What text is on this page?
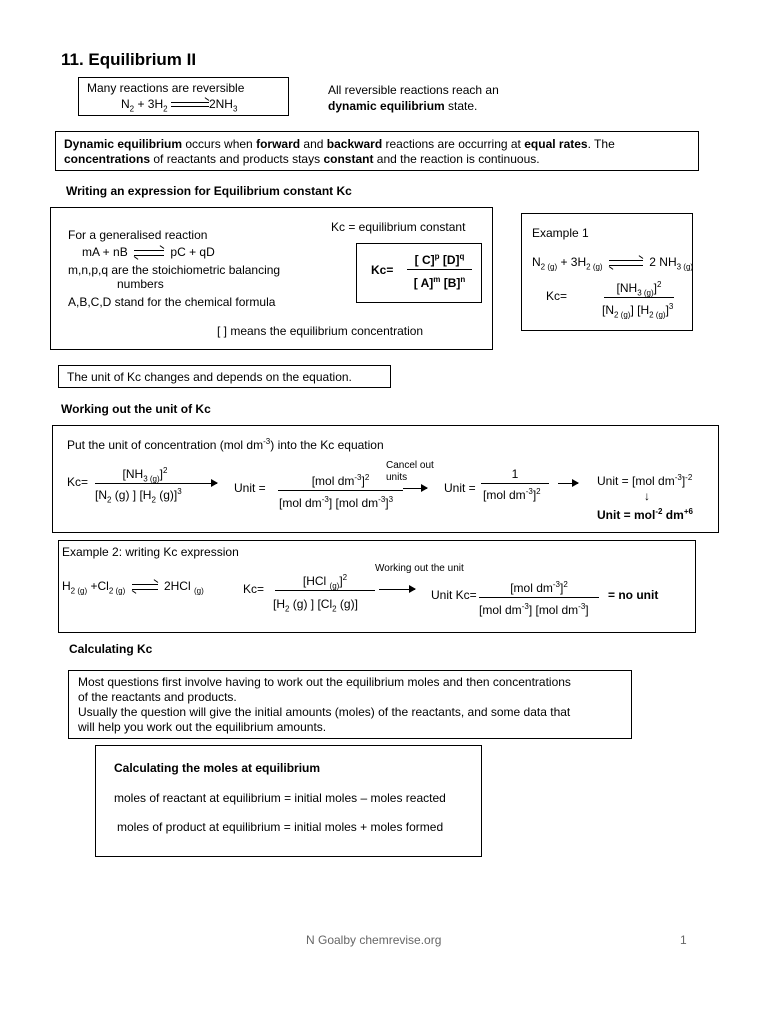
11. Equilibrium II
Many reactions are reversible
$N_2 + 3H_2$	$2NH_3$
All reversible reactions reach an
dynamic equilibrium state.
Dynamic equilibrium occurs when forward and backward reactions are occurring at equal rates. The
concentrations of reactants and products stays constant and the reaction is continuous.
Writing an expression for Equilibrium constant Kc
For a generalised reaction
mA + nB ⇌ pC + qD
m,n,p,q are the stoichiometric balancing
numbers
A,B,C,D stand for the chemical formula
Kc = equilibrium constant
Kc=
[ C]$^p$ $[D]^q$
[ A]$^m$ $[B]^n$
[ ] means the equilibrium concentration
Example 1
$N_{2 (g)} + 3H_{2 (g)}$ ⇌ 2 $NH_{3 (g)}$
Kc=
$[NH_{3 (g)}]^2$
$[N_{2 (g)}]$ $[H_{2 (g)}]^3$
The unit of Kc changes and depends on the equation.
Working out the unit of Kc
Put the unit of concentration (mol $dm^{-3}$) into the Kc equation
Kc=
$[NH_{3 (g)}]^2$
[$N_2$ (g) ] [$H_2$ (g)]$^3$	Unit =	[mol $dm^{-3}]^2$
[mol $dm^{-3}$] [mol $dm^{-3}]^3$
Cancel out units
Unit =
1
[mol $dm^{-3}]^2$
Unit = [mol $dm^{-3}]^{-2}$
↓
Unit = mol$^{-2}$ $dm^{+6}$
Example 2: writing Kc expression
$H_{2 (g)} +Cl_{2 (g)}$ ⇌ 2HCl $_{(g)}$	Kc=
[HCl $_{(g)}$]$^2$
[$H_2$ (g) ] [$Cl_2$ (g)]
Working out the unit
Unit Kc=	[mol $dm^{-3}]^2$
[mol $dm^{-3}$] [mol $dm^{-3}$]
= no unit
Calculating Kc
Most questions first involve having to work out the equilibrium moles and then concentrations
of the reactants and products.
Usually the question will give the initial amounts (moles) of the reactants, and some data that
will help you work out the equilibrium amounts.
Calculating the moles at equilibrium
moles of reactant at equilibrium = initial moles – moles reacted
moles of product at equilibrium = initial moles + moles formed
N Goalby chemrevise.org	1
